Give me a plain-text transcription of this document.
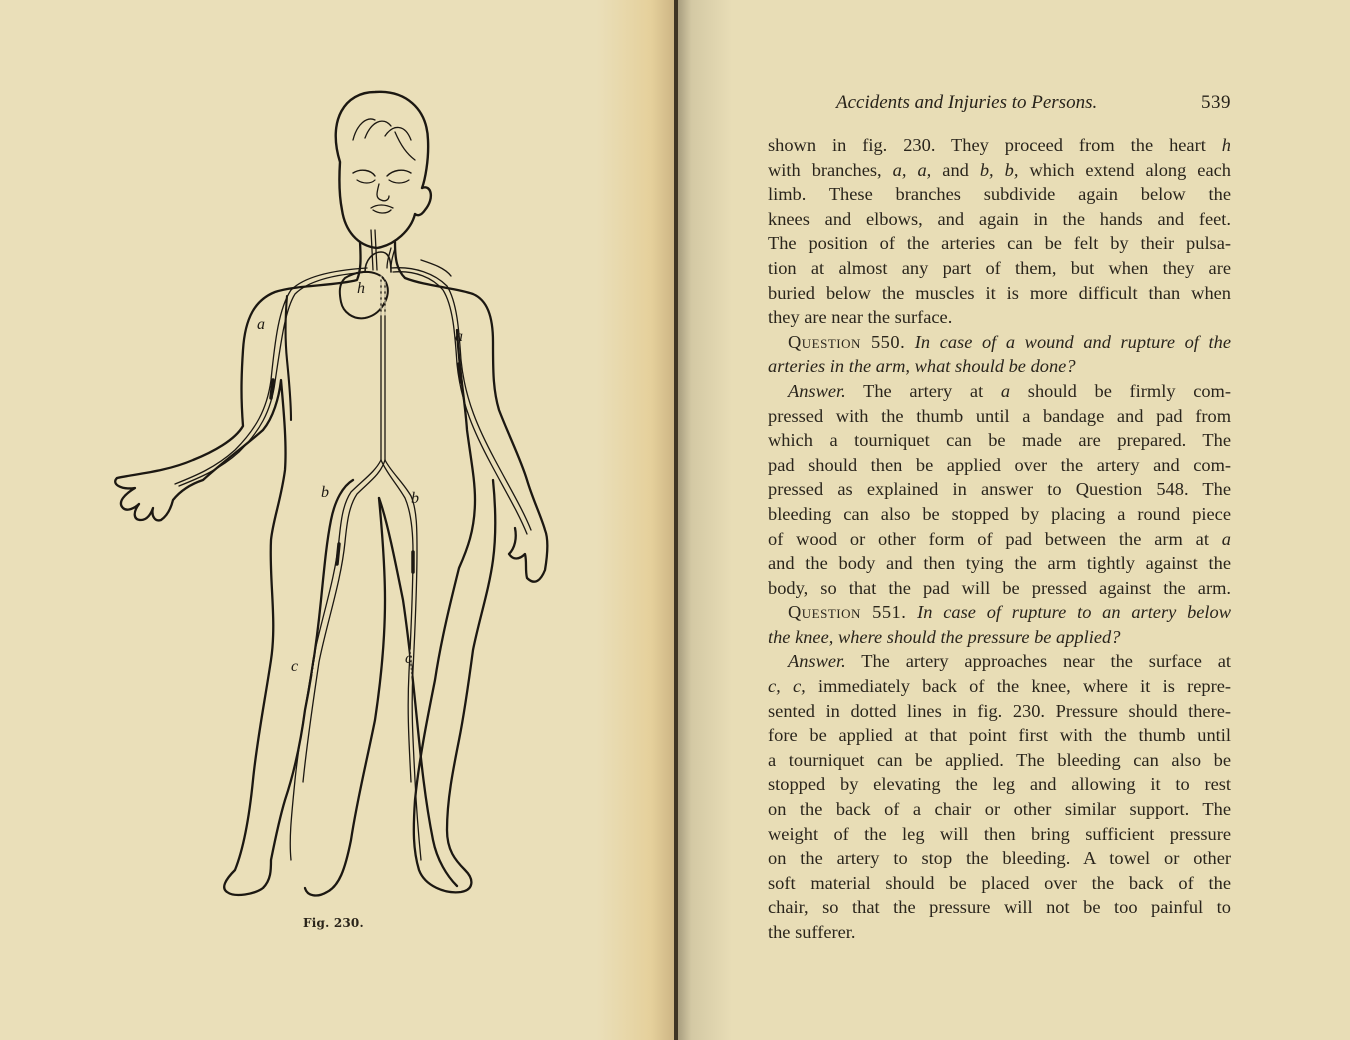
h
a
a
b	b
c	c
Fig. 230.
Accidents and Injuries to Persons.	539
shown in fig. 230. They proceed from the heart h
with branches, a, a, and b, b, which extend along each
limb. These branches subdivide again below the
knees and elbows, and again in the hands and feet.
The position of the arteries can be felt by their pulsa-
tion at almost any part of them, but when they are
buried below the muscles it is more difficult than when
they are near the surface.
Question 550. In case of a wound and rupture of the
arteries in the arm, what should be done?
Answer. The artery at a should be firmly com-
pressed with the thumb until a bandage and pad from
which a tourniquet can be made are prepared. The
pad should then be applied over the artery and com-
pressed as explained in answer to Question 548. The
bleeding can also be stopped by placing a round piece
of wood or other form of pad between the arm at a
and the body and then tying the arm tightly against the
body, so that the pad will be pressed against the arm.
Question 551. In case of rupture to an artery below
the knee, where should the pressure be applied?
Answer. The artery approaches near the surface at
c, c, immediately back of the knee, where it is repre-
sented in dotted lines in fig. 230. Pressure should there-
fore be applied at that point first with the thumb until
a tourniquet can be applied. The bleeding can also be
stopped by elevating the leg and allowing it to rest
on the back of a chair or other similar support. The
weight of the leg will then bring sufficient pressure
on the artery to stop the bleeding. A towel or other
soft material should be placed over the back of the
chair, so that the pressure will not be too painful to
the sufferer.
